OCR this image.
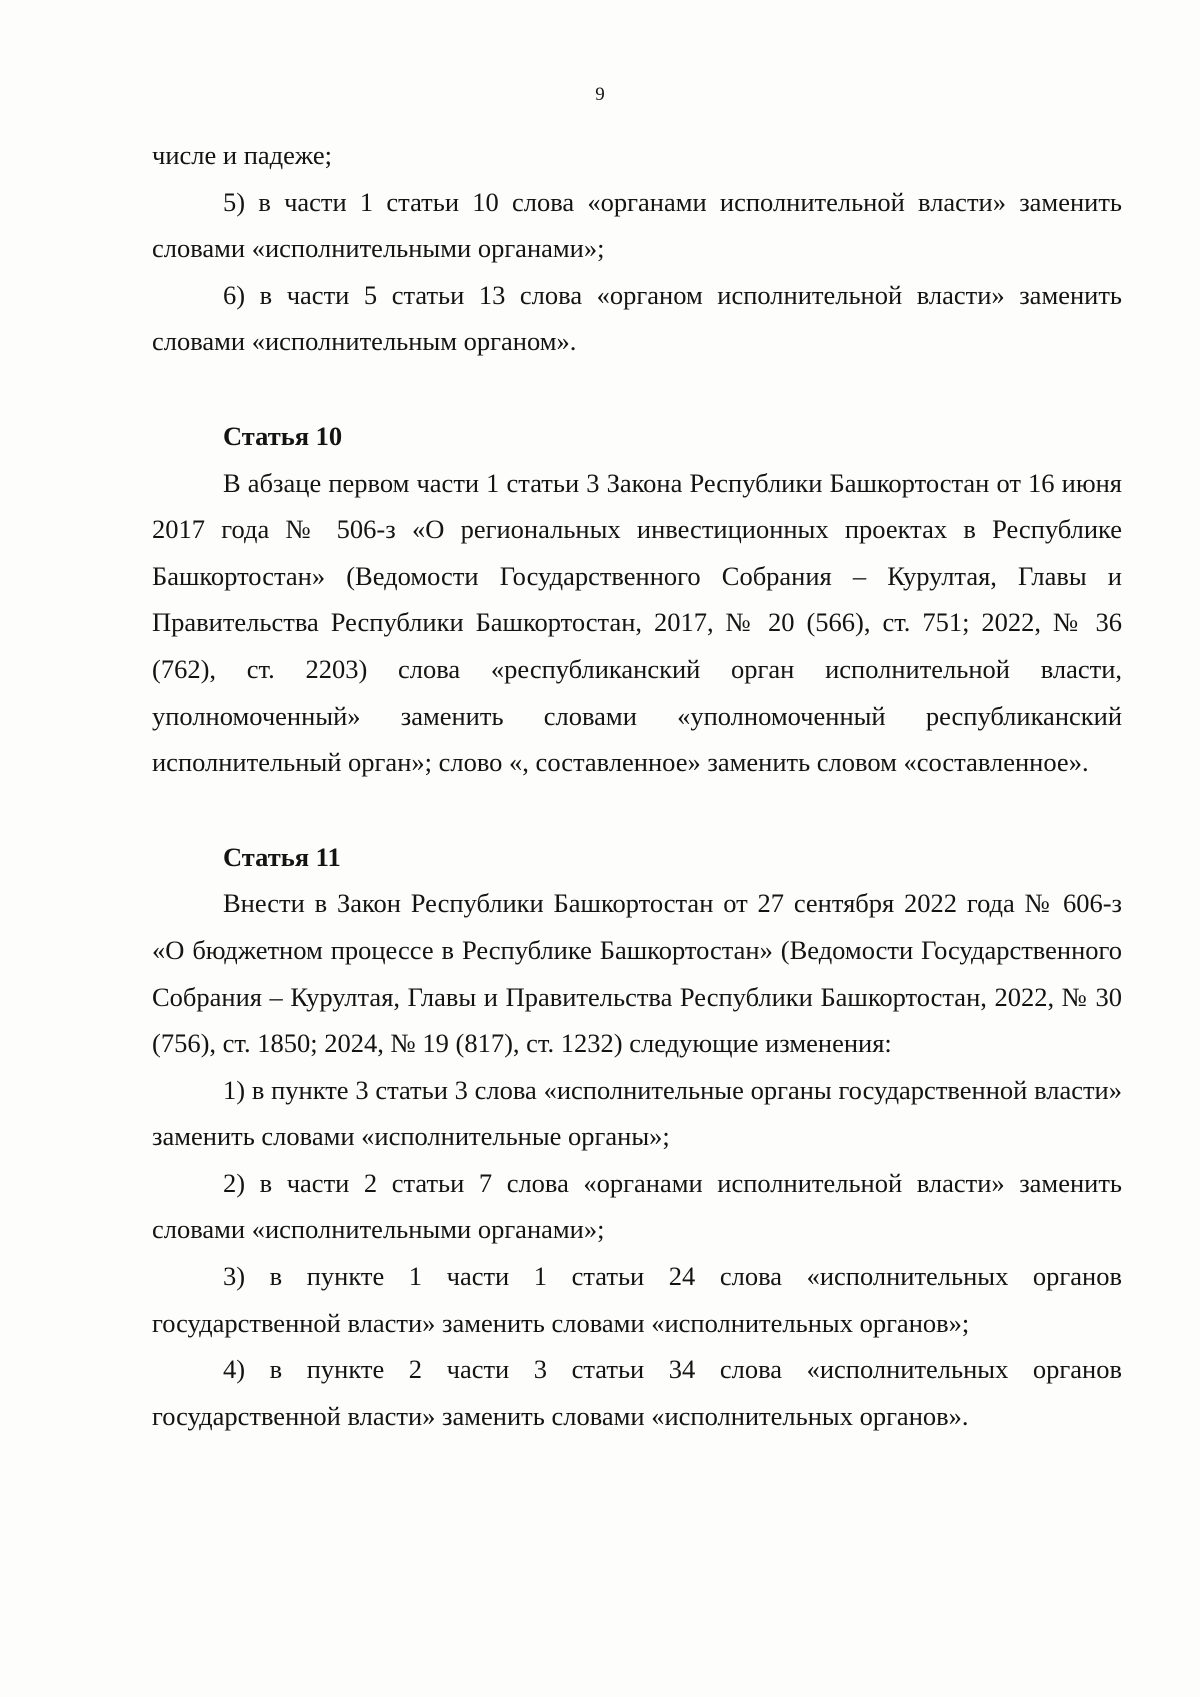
9

числе и падеже;

5) в части 1 статьи 10 слова «органами исполнительной власти» заменить словами «исполнительными органами»;

6) в части 5 статьи 13 слова «органом исполнительной власти» заменить словами «исполнительным органом».

Статья 10

В абзаце первом части 1 статьи 3 Закона Республики Башкортостан от 16 июня 2017 года № 506-з «О региональных инвестиционных проектах в Республике Башкортостан» (Ведомости Государственного Собрания – Курултая, Главы и Правительства Республики Башкортостан, 2017, № 20 (566), ст. 751; 2022, № 36 (762), ст. 2203) слова «республиканский орган исполнительной власти, уполномоченный» заменить словами «уполномоченный республиканский исполнительный орган»; слово «, составленное» заменить словом «составленное».

Статья 11

Внести в Закон Республики Башкортостан от 27 сентября 2022 года № 606-з «О бюджетном процессе в Республике Башкортостан» (Ведомости Государственного Собрания – Курултая, Главы и Правительства Республики Башкортостан, 2022, № 30 (756), ст. 1850; 2024, № 19 (817), ст. 1232) следующие изменения:

1) в пункте 3 статьи 3 слова «исполнительные органы государственной власти» заменить словами «исполнительные органы»;

2) в части 2 статьи 7 слова «органами исполнительной власти» заменить словами «исполнительными органами»;

3) в пункте 1 части 1 статьи 24 слова «исполнительных органов государственной власти» заменить словами «исполнительных органов»;

4) в пункте 2 части 3 статьи 34 слова «исполнительных органов государственной власти» заменить словами «исполнительных органов».
